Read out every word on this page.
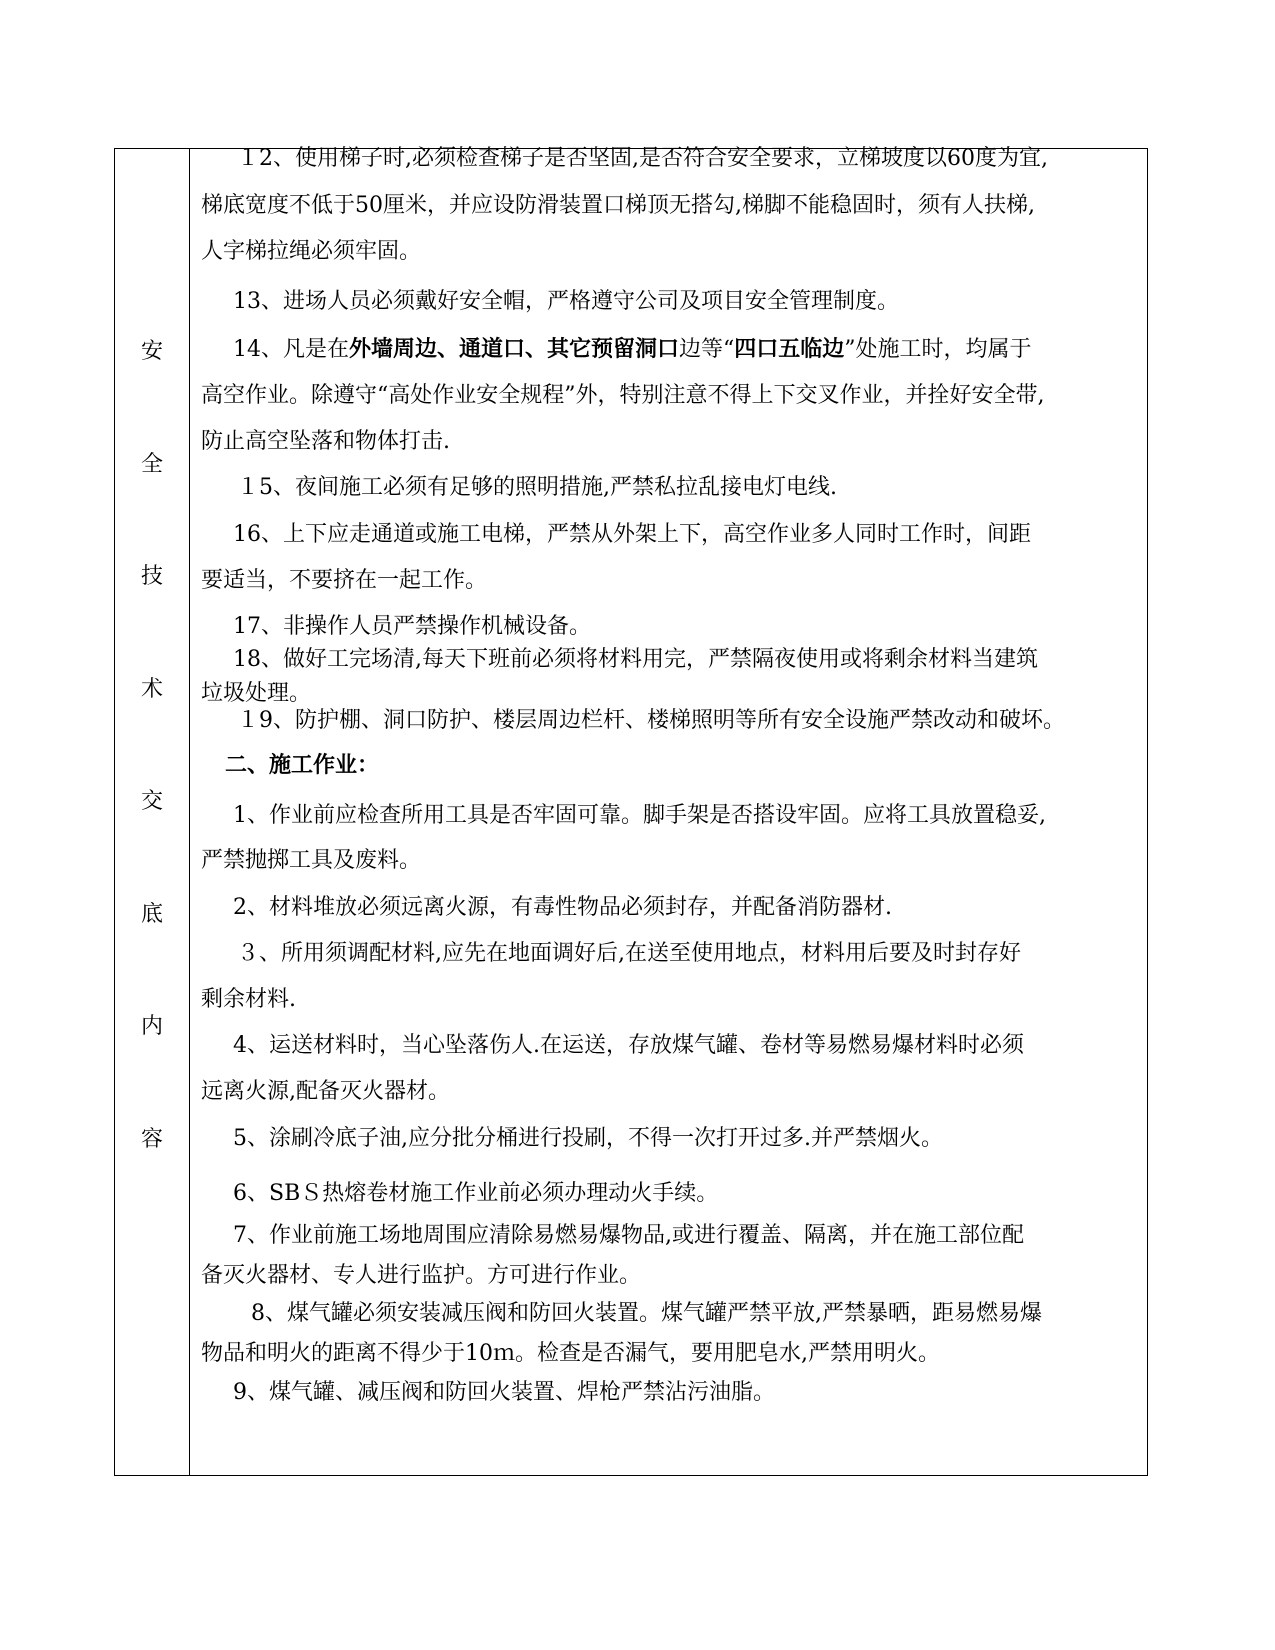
安
全
技
术
交
底
内
容
１2、使用梯子时,必须检查梯子是否坚固,是否符合安全要求，立梯坡度以60度为宜,
梯底宽度不低于50厘米，并应设防滑装置口梯顶无搭勾,梯脚不能稳固时，须有人扶梯,
人字梯拉绳必须牢固。
13、进场人员必须戴好安全帽，严格遵守公司及项目安全管理制度。
14、凡是在外墙周边、通道口、其它预留洞口边等“四口五临边”处施工时，均属于
高空作业。除遵守“高处作业安全规程”外，特别注意不得上下交叉作业，并拴好安全带,
防止高空坠落和物体打击.
１5、夜间施工必须有足够的照明措施,严禁私拉乱接电灯电线.
16、上下应走通道或施工电梯，严禁从外架上下，高空作业多人同时工作时，间距
要适当，不要挤在一起工作。
17、非操作人员严禁操作机械设备。
18、做好工完场清,每天下班前必须将材料用完，严禁隔夜使用或将剩余材料当建筑
垃圾处理。
１9、防护棚、洞口防护、楼层周边栏杆、楼梯照明等所有安全设施严禁改动和破坏。
二、施工作业：
1、作业前应检查所用工具是否牢固可靠。脚手架是否搭设牢固。应将工具放置稳妥,
严禁抛掷工具及废料。
2、材料堆放必须远离火源，有毒性物品必须封存，并配备消防器材.
３、所用须调配材料,应先在地面调好后,在送至使用地点，材料用后要及时封存好
剩余材料.
4、运送材料时，当心坠落伤人.在运送，存放煤气罐、卷材等易燃易爆材料时必须
远离火源,配备灭火器材。
5、涂刷冷底子油,应分批分桶进行投刷，不得一次打开过多.并严禁烟火。
6、SBＳ热熔卷材施工作业前必须办理动火手续。
7、作业前施工场地周围应清除易燃易爆物品,或进行覆盖、隔离，并在施工部位配
备灭火器材、专人进行监护。方可进行作业。
8、煤气罐必须安装减压阀和防回火装置。煤气罐严禁平放,严禁暴晒，距易燃易爆
物品和明火的距离不得少于10ｍ。检查是否漏气，要用肥皂水,严禁用明火。
9、煤气罐、减压阀和防回火装置、焊枪严禁沾污油脂。
